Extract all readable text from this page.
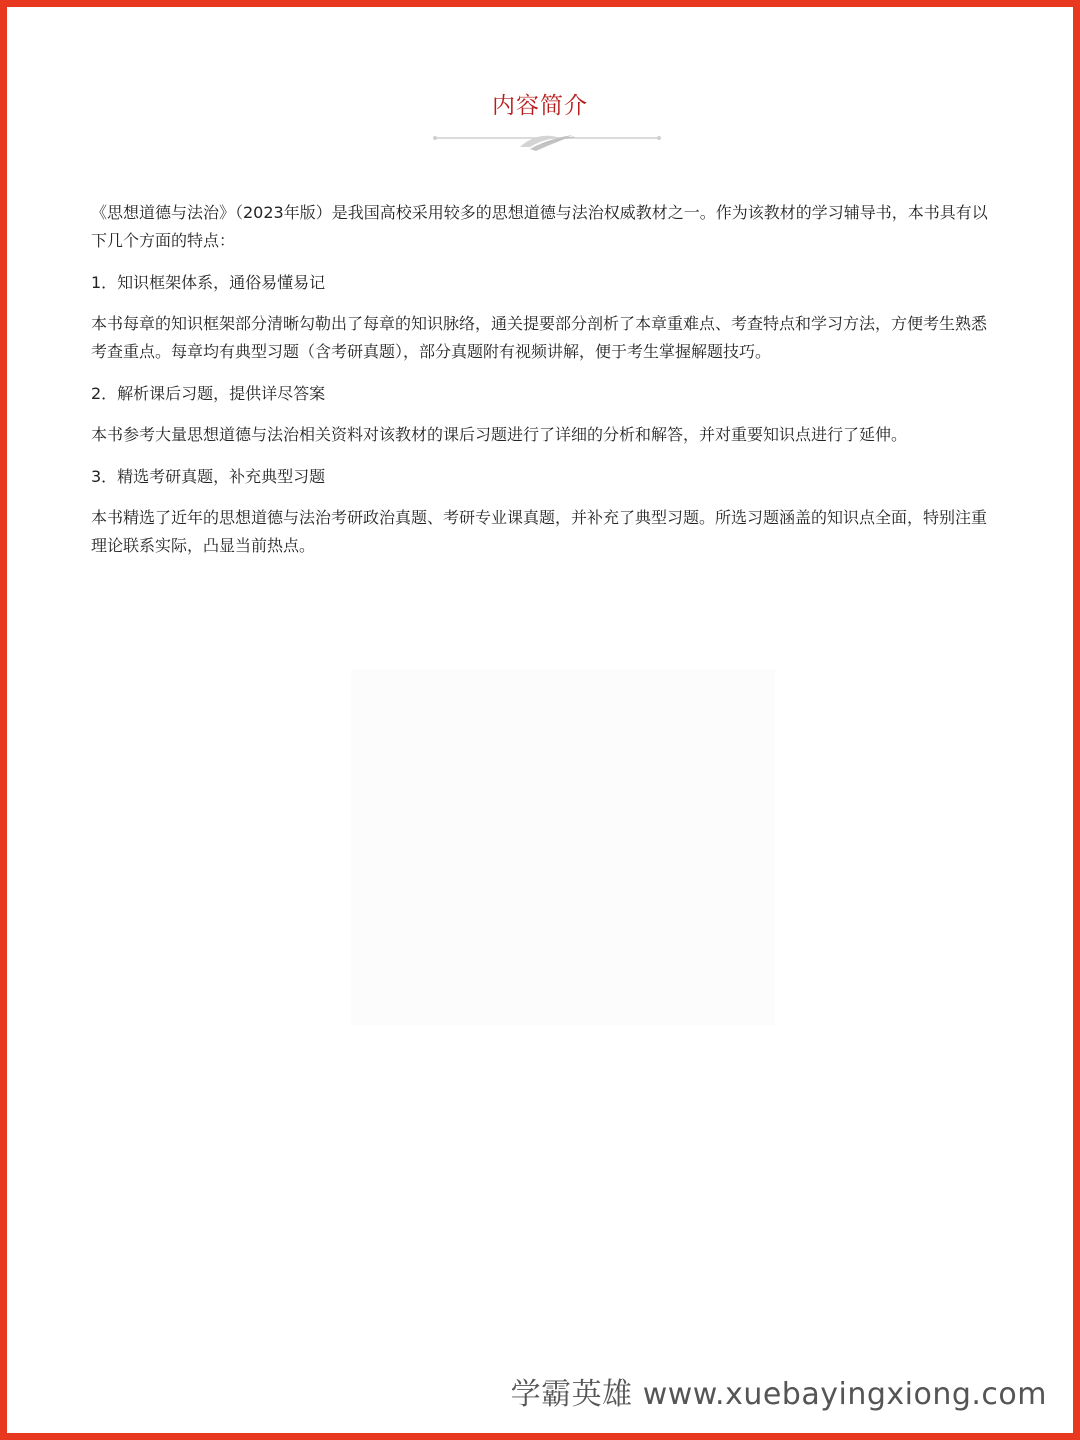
内容简介

《思想道德与法治》（2023年版）是我国高校采用较多的思想道德与法治权威教材之一。作为该教材的学习辅导书，本书具有以下几个方面的特点：

1．知识框架体系，通俗易懂易记

本书每章的知识框架部分清晰勾勒出了每章的知识脉络，通关提要部分剖析了本章重难点、考查特点和学习方法，方便考生熟悉考查重点。每章均有典型习题（含考研真题），部分真题附有视频讲解，便于考生掌握解题技巧。

2．解析课后习题，提供详尽答案

本书参考大量思想道德与法治相关资料对该教材的课后习题进行了详细的分析和解答，并对重要知识点进行了延伸。

3．精选考研真题，补充典型习题

本书精选了近年的思想道德与法治考研政治真题、考研专业课真题，并补充了典型习题。所选习题涵盖的知识点全面，特别注重理论联系实际，凸显当前热点。

学霸英雄 www.xuebayingxiong.com
